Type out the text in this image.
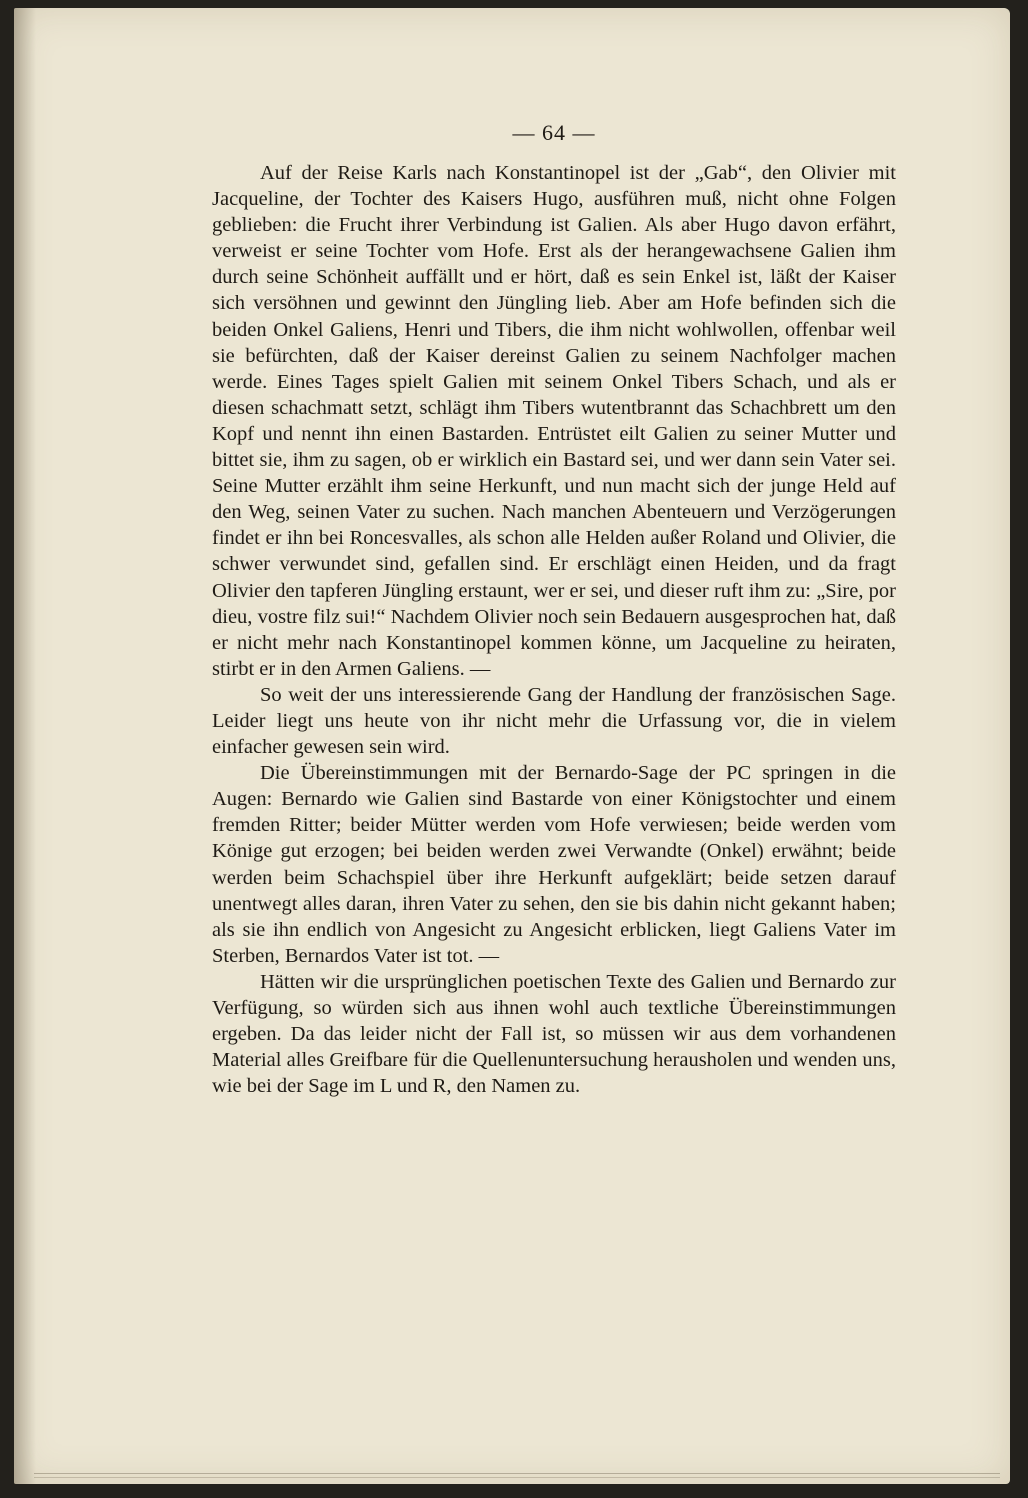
— 64 —

Auf der Reise Karls nach Konstantinopel ist der „Gab“, den Olivier mit Jacqueline, der Tochter des Kaisers Hugo, ausführen muß, nicht ohne Folgen geblieben: die Frucht ihrer Verbindung ist Galien. Als aber Hugo davon erfährt, verweist er seine Tochter vom Hofe. Erst als der herangewachsene Galien ihm durch seine Schönheit auffällt und er hört, daß es sein Enkel ist, läßt der Kaiser sich versöhnen und gewinnt den Jüngling lieb. Aber am Hofe befinden sich die beiden Onkel Galiens, Henri und Tibers, die ihm nicht wohlwollen, offenbar weil sie befürchten, daß der Kaiser dereinst Galien zu seinem Nachfolger machen werde. Eines Tages spielt Galien mit seinem Onkel Tibers Schach, und als er diesen schachmatt setzt, schlägt ihm Tibers wutentbrannt das Schachbrett um den Kopf und nennt ihn einen Bastarden. Entrüstet eilt Galien zu seiner Mutter und bittet sie, ihm zu sagen, ob er wirklich ein Bastard sei, und wer dann sein Vater sei. Seine Mutter erzählt ihm seine Herkunft, und nun macht sich der junge Held auf den Weg, seinen Vater zu suchen. Nach manchen Abenteuern und Verzögerungen findet er ihn bei Roncesvalles, als schon alle Helden außer Roland und Olivier, die schwer verwundet sind, gefallen sind. Er erschlägt einen Heiden, und da fragt Olivier den tapferen Jüngling erstaunt, wer er sei, und dieser ruft ihm zu: „Sire, por dieu, vostre filz sui!“ Nachdem Olivier noch sein Bedauern ausgesprochen hat, daß er nicht mehr nach Konstantinopel kommen könne, um Jacqueline zu heiraten, stirbt er in den Armen Galiens. —

So weit der uns interessierende Gang der Handlung der französischen Sage. Leider liegt uns heute von ihr nicht mehr die Urfassung vor, die in vielem einfacher gewesen sein wird.

Die Übereinstimmungen mit der Bernardo-Sage der PC springen in die Augen: Bernardo wie Galien sind Bastarde von einer Königstochter und einem fremden Ritter; beider Mütter werden vom Hofe verwiesen; beide werden vom Könige gut erzogen; bei beiden werden zwei Verwandte (Onkel) erwähnt; beide werden beim Schachspiel über ihre Herkunft aufgeklärt; beide setzen darauf unentwegt alles daran, ihren Vater zu sehen, den sie bis dahin nicht gekannt haben; als sie ihn endlich von Angesicht zu Angesicht erblicken, liegt Galiens Vater im Sterben, Bernardos Vater ist tot. —

Hätten wir die ursprünglichen poetischen Texte des Galien und Bernardo zur Verfügung, so würden sich aus ihnen wohl auch textliche Übereinstimmungen ergeben. Da das leider nicht der Fall ist, so müssen wir aus dem vorhandenen Material alles Greifbare für die Quellenuntersuchung herausholen und wenden uns, wie bei der Sage im L und R, den Namen zu.
